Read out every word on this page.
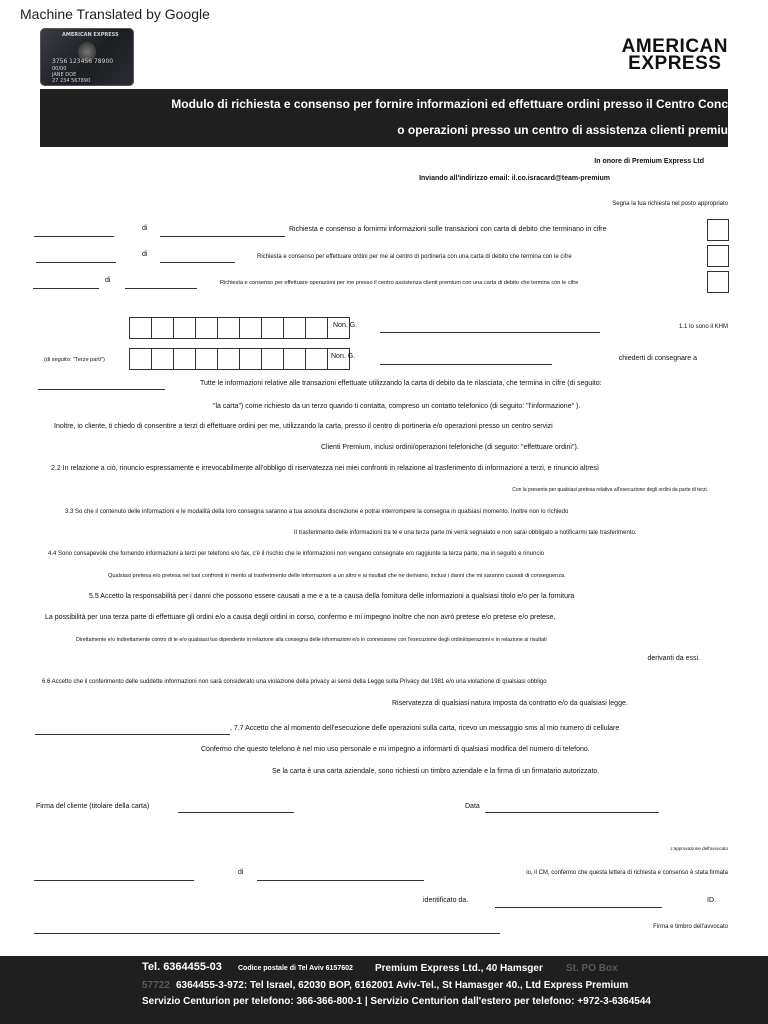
Machine Translated by Google
AMERICAN EXPRESS
3756 123456 78900
00/00
JANE DOE
27 234 567890
AMERICAN
EXPRESS
Modulo di richiesta e consenso per fornire informazioni ed effettuare ordini presso il Centro Conc
o operazioni presso un centro di assistenza clienti premiu
In onore di Premium Express Ltd
Inviando all'indirizzo email: il.co.isracard@team-premium
Segna la tua richiesta nel posto appropriato
di	Richiesta e consenso a fornirmi informazioni sulle transazioni con carta di debito che terminano in cifre
di	Richiesta e consenso per effettuare ordini per me al centro di portineria con una carta di debito che termina con le cifre
di	Richiesta e consenso per effettuare operazioni per me presso il centro assistenza clienti premium con una carta di debito che termina con le cifre
Non. G.	1.1 Io sono il KHM
(di seguito: "Terze parti")	Non. G.	chiederti di consegnare a
Tutte le informazioni relative alle transazioni effettuate utilizzando la carta di debito da te rilasciata, che termina in cifre (di seguito:
"la carta") come richiesto da un terzo quando ti contatta, compreso un contatto telefonico (di seguito: "l'informazione" ).
Inoltre, io cliente, ti chiedo di consentire a terzi di effettuare ordini per me, utilizzando la carta, presso il centro di portineria e/o operazioni presso un centro servizi
Clienti Premium, inclusi ordini/operazioni telefoniche (di seguito: "effettuare ordini").
2.2 In relazione a ciò, rinuncio espressamente e irrevocabilmente all'obbligo di riservatezza nei miei confronti in relazione al trasferimento di informazioni a terzi, e rinuncio altresì
Con la presente per qualsiasi pretesa relativa all'esecuzione degli ordini da parte di terzi.
3.3 So che il contenuto delle informazioni e le modalità della loro consegna saranno a tua assoluta discrezione e potrai interrompere la consegna in qualsiasi momento. Inoltre non lo richiedo
Il trasferimento delle informazioni tra te e una terza parte mi verrà segnalato e non sarai obbligato a notificarmi tale trasferimento.
4.4 Sono consapevole che fornendo informazioni a terzi per telefono e/o fax, c'è il rischio che le informazioni non vengano consegnate e/o raggiunte la terza parte, ma in seguito e rinuncio
Qualsiasi pretesa e/o pretesa nei tuoi confronti in merito al trasferimento delle informazioni a un altro e ai risultati che ne derivano, inclusi i danni che mi saranno causati di conseguenza.
5.5 Accetto la responsabilità per i danni che possono essere causati a me e a te a causa della fornitura delle informazioni a qualsiasi titolo e/o per la fornitura
La possibilità per una terza parte di effettuare gli ordini e/o a causa degli ordini in corso, confermo e mi impegno inoltre che non avrò pretese e/o pretese e/o pretese,
Direttamente e/o indirettamente contro di te e/o qualsiasi tuo dipendente in relazione alla consegna delle informazioni e/o in connessione con l'esecuzione degli ordini/operazioni e in relazione ai risultati
derivanti da essi.
6.6 Accetto che il conferimento delle suddette informazioni non sarà considerato una violazione della privacy ai sensi della Legge sulla Privacy del 1981 e/o una violazione di qualsiasi obbligo
Riservatezza di qualsiasi natura imposta da contratto e/o da qualsiasi legge.
, 7.7 Accetto che al momento dell'esecuzione delle operazioni sulla carta, ricevo un messaggio sms al mio numero di cellulare
Confermo che questo telefono è nel mio uso personale e mi impegno a informarti di qualsiasi modifica del numero di telefono.
Se la carta è una carta aziendale, sono richiesti un timbro aziendale e la firma di un firmatario autorizzato.
Firma del cliente (titolare della carta)	Data
L'approvazione dell'avvocato
di	io, il CM, confermo che questa lettera di richiesta e consenso è stata firmata
identificato da.	ID.
Firma e timbro dell'avvocato
Tel. 6364455-03 Codice postale di Tel Aviv 6157602 Premium Express Ltd., 40 Hamsger St. PO Box
57722 6364455-3-972: Tel Israel, 62030 BOP, 6162001 Aviv-Tel., St Hamasger 40., Ltd Express Premium
Servizio Centurion per telefono: 366-366-800-1 | Servizio Centurion dall'estero per telefono: +972-3-6364544
